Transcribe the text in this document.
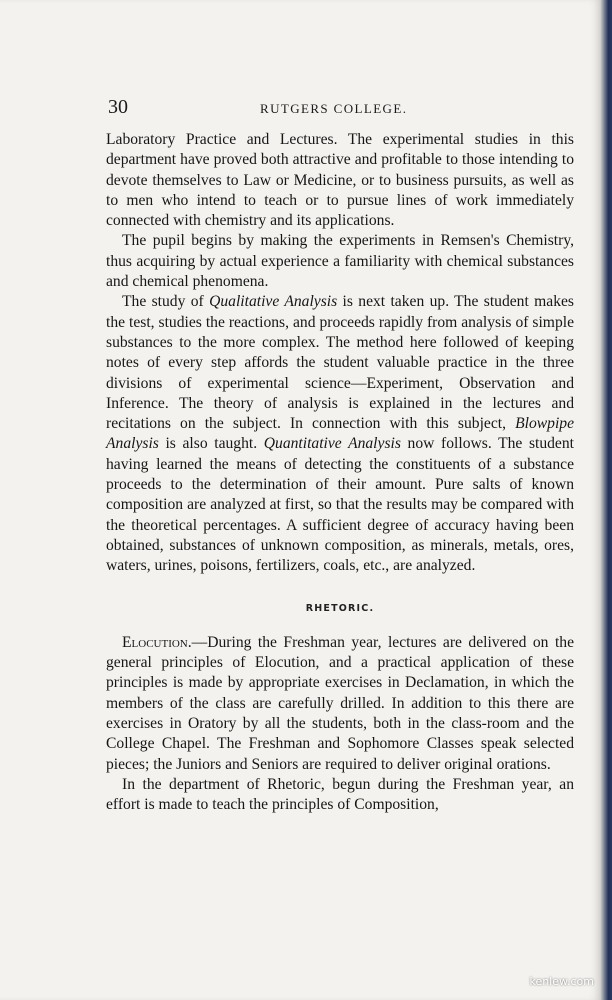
30	RUTGERS COLLEGE.

Laboratory Practice and Lectures. The experimental studies in this department have proved both attractive and profitable to those intending to devote themselves to Law or Medicine, or to business pursuits, as well as to men who intend to teach or to pursue lines of work immediately connected with chemistry and its applications.

The pupil begins by making the experiments in Remsen's Chemistry, thus acquiring by actual experience a familiarity with chemical substances and chemical phenomena.

The study of Qualitative Analysis is next taken up. The student makes the test, studies the reactions, and proceeds rapidly from analysis of simple substances to the more complex. The method here followed of keeping notes of every step affords the student valuable practice in the three divisions of experimental science—Experiment, Observation and Inference. The theory of analysis is explained in the lectures and recitations on the subject. In connection with this subject, Blowpipe Analysis is also taught. Quantitative Analysis now follows. The student having learned the means of detecting the constituents of a substance proceeds to the determination of their amount. Pure salts of known composition are analyzed at first, so that the results may be compared with the theoretical percentages. A sufficient degree of accuracy having been obtained, substances of unknown composition, as minerals, metals, ores, waters, urines, poisons, fertilizers, coals, etc., are analyzed.

RHETORIC.

Elocution.—During the Freshman year, lectures are delivered on the general principles of Elocution, and a practical application of these principles is made by appropriate exercises in Declamation, in which the members of the class are carefully drilled. In addition to this there are exercises in Oratory by all the students, both in the class-room and the College Chapel. The Freshman and Sophomore Classes speak selected pieces; the Juniors and Seniors are required to deliver original orations.

In the department of Rhetoric, begun during the Freshman year, an effort is made to teach the principles of Composition,

kenlew.com
